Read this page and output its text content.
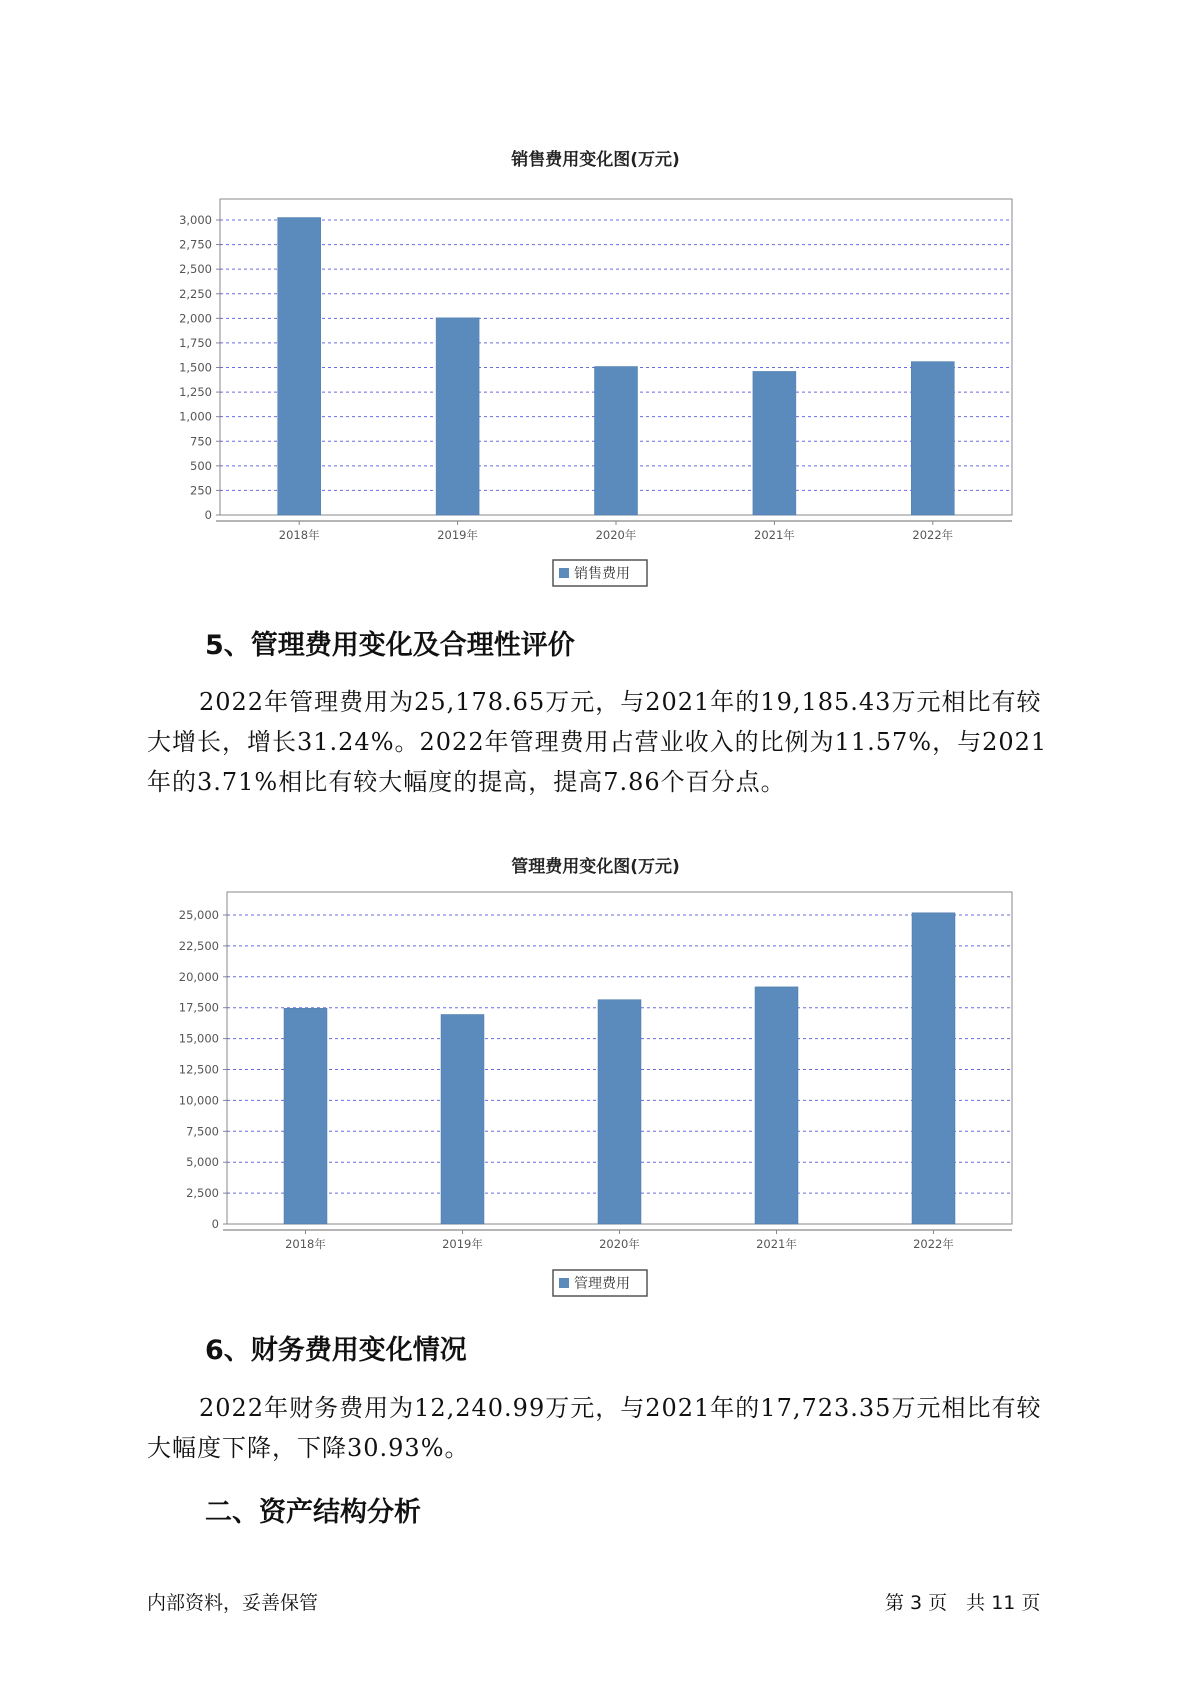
销售费用变化图(万元)
0
250
500
750
1,000
1,250
1,500
1,750
2,000
2,250
2,500
2,750
3,000
2018年	2019年	2020年	2021年	2022年
销售费用
5、管理费用变化及合理性评价
2022年管理费用为25,178.65万元，与2021年的19,185.43万元相比有较大增长，增长31.24%。2022年管理费用占营业收入的比例为11.57%，与2021年的3.71%相比有较大幅度的提高，提高7.86个百分点。
管理费用变化图(万元)
0
2,500
5,000
7,500
10,000
12,500
15,000
17,500
20,000
22,500
25,000
2018年	2019年	2020年	2021年	2022年
管理费用
6、财务费用变化情况
2022年财务费用为12,240.99万元，与2021年的17,723.35万元相比有较大幅度下降，下降30.93%。
二、资产结构分析
内部资料，妥善保管	第 3 页　共 11 页
